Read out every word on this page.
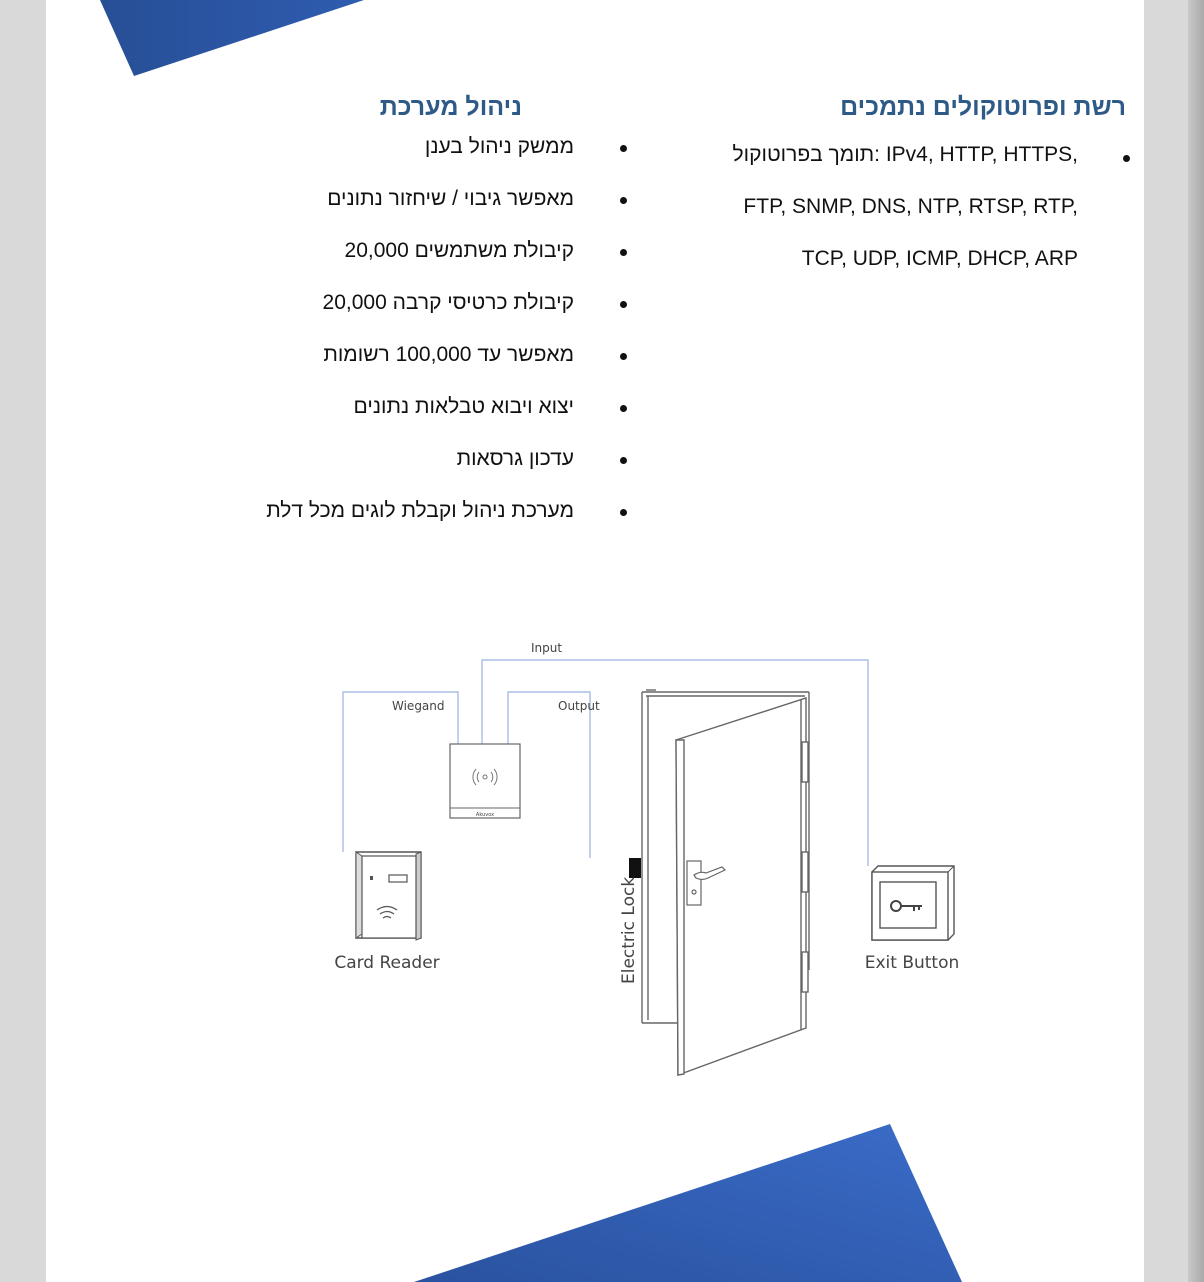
רשת ופרוטוקולים נתמכים
תומך בפרוטוקול: IPv4, HTTP, HTTPS,
FTP, SNMP, DNS, NTP, RTSP, RTP,
TCP, UDP, ICMP, DHCP, ARP
ניהול מערכת
ממשק ניהול בענן
מאפשר גיבוי / שיחזור נתונים
קיבולת משתמשים 20,000
קיבולת כרטיסי קרבה 20,000
מאפשר עד 100,000 רשומות
יצוא ויבוא טבלאות נתונים
עדכון גרסאות
מערכת ניהול וקבלת לוגים מכל דלת
Input
Wiegand	Output
Akuvox
Card Reader	Electric Lock	Exit Button
